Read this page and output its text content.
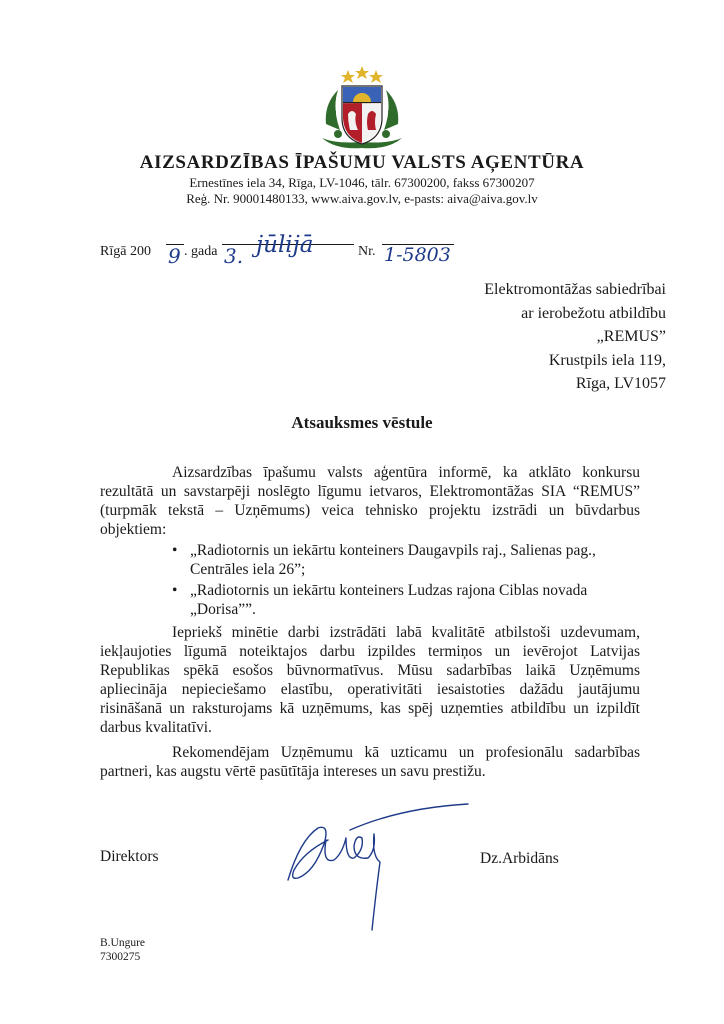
AIZSARDZĪBAS ĪPAŠUMU VALSTS AĢENTŪRA
Ernestīnes iela 34, Rīga, LV-1046, tālr. 67300200, fakss 67300207
Reģ. Nr. 90001480133, www.aiva.gov.lv, e-pasts: aiva@aiva.gov.lv
Rīgā 200 9 . gada 3. jūlijā	Nr. 1-5803
Elektromontāžas sabiedrībai
ar ierobežotu atbildību
„REMUS”
Krustpils iela 119,
Rīga, LV1057
Atsauksmes vēstule

Aizsardzības īpašumu valsts aģentūra informē, ka atklāto konkursu rezultātā un savstarpēji noslēgto līgumu ietvaros, Elektromontāžas SIA “REMUS” (turpmāk tekstā – Uzņēmums) veica tehnisko projektu izstrādi un būvdarbus objektiem:

• „Radiotornis un iekārtu konteiners Daugavpils raj., Salienas pag., Centrāles iela 26”;
• „Radiotornis un iekārtu konteiners Ludzas rajona Ciblas novada „Dorisa””.

Iepriekš minētie darbi izstrādāti labā kvalitātē atbilstoši uzdevumam, iekļaujoties līgumā noteiktajos darbu izpildes termiņos un ievērojot Latvijas Republikas spēkā esošos būvnormatīvus. Mūsu sadarbības laikā Uzņēmums apliecināja nepieciešamo elastību, operativitāti iesaistoties dažādu jautājumu risināšanā un raksturojams kā uzņēmums, kas spēj uzņemties atbildību un izpildīt darbus kvalitatīvi.

Rekomendējam Uzņēmumu kā uzticamu un profesionālu sadarbības partneri, kas augstu vērtē pasūtītāja intereses un savu prestižu.

Direktors	Dz.Arbidāns
B.Ungure
7300275
